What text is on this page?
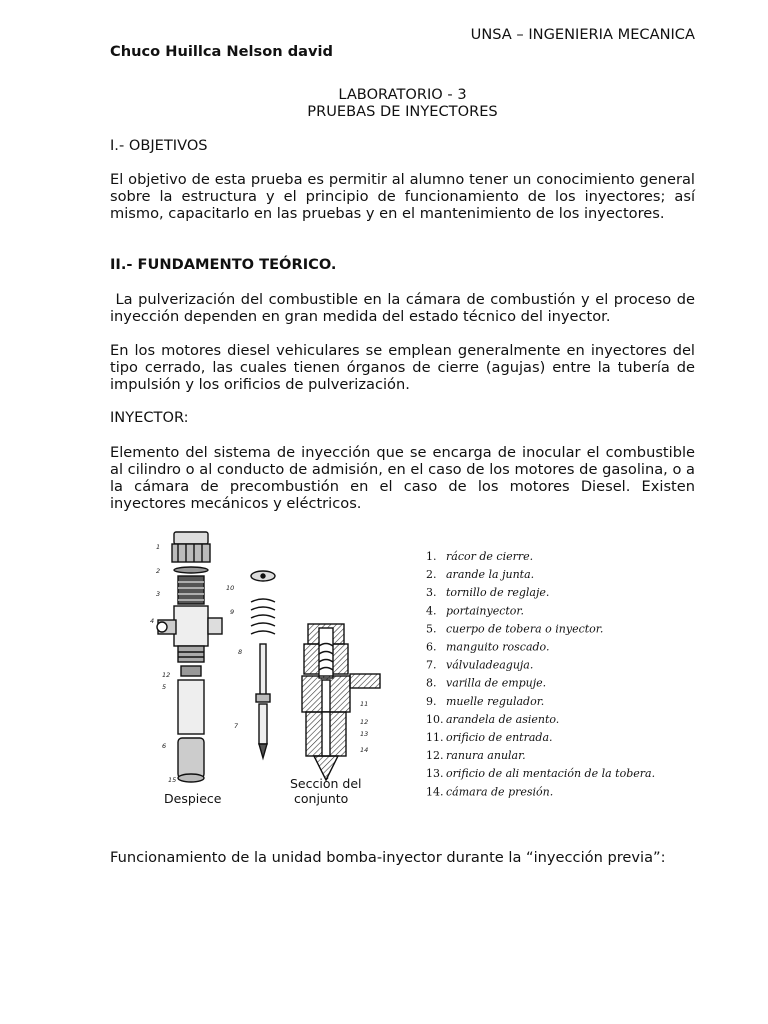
UNSA – INGENIERIA MECANICA
Chuco Huillca Nelson david
LABORATORIO - 3
PRUEBAS DE INYECTORES
I.- OBJETIVOS
El objetivo de esta prueba es permitir al alumno tener un conocimiento general sobre la estructura y el principio de funcionamiento de los inyectores; así mismo, capacitarlo en las pruebas y en el mantenimiento de los inyectores.
II.- FUNDAMENTO TEÓRICO.
La pulverización del combustible en la cámara de combustión y el proceso de inyección dependen en gran medida del estado técnico del inyector.
En los motores diesel vehiculares se emplean generalmente en inyectores del tipo cerrado, las cuales tienen órganos de cierre (agujas) entre la tubería de impulsión y los orificios de pulverización.
INYECTOR:
Elemento del sistema de inyección que se encarga de inocular el combustible al cilindro o al conducto de admisión, en el caso de los motores de gasolina, o a la cámara de precombustión en el caso de los motores Diesel. Existen inyectores mecánicos y eléctricos.
1
2
3
4
5
6
7
8
9
10
12
15
11
12
13
14
Despiece
Sección del
conjunto
1. rácor de cierre.
2. arande la junta.
3. tornillo de reglaje.
4. portainyector.
5. cuerpo de tobera o inyector.
6. manguito roscado.
7. válvuladeaguja.
8. varilla de empuje.
9. muelle regulador.
10. arandela de asiento.
11. orificio de entrada.
12. ranura anular.
13. orificio de ali mentación de la tobera.
14. cámara de presión.
Funcionamiento de la unidad bomba-inyector durante la “inyección previa”:
